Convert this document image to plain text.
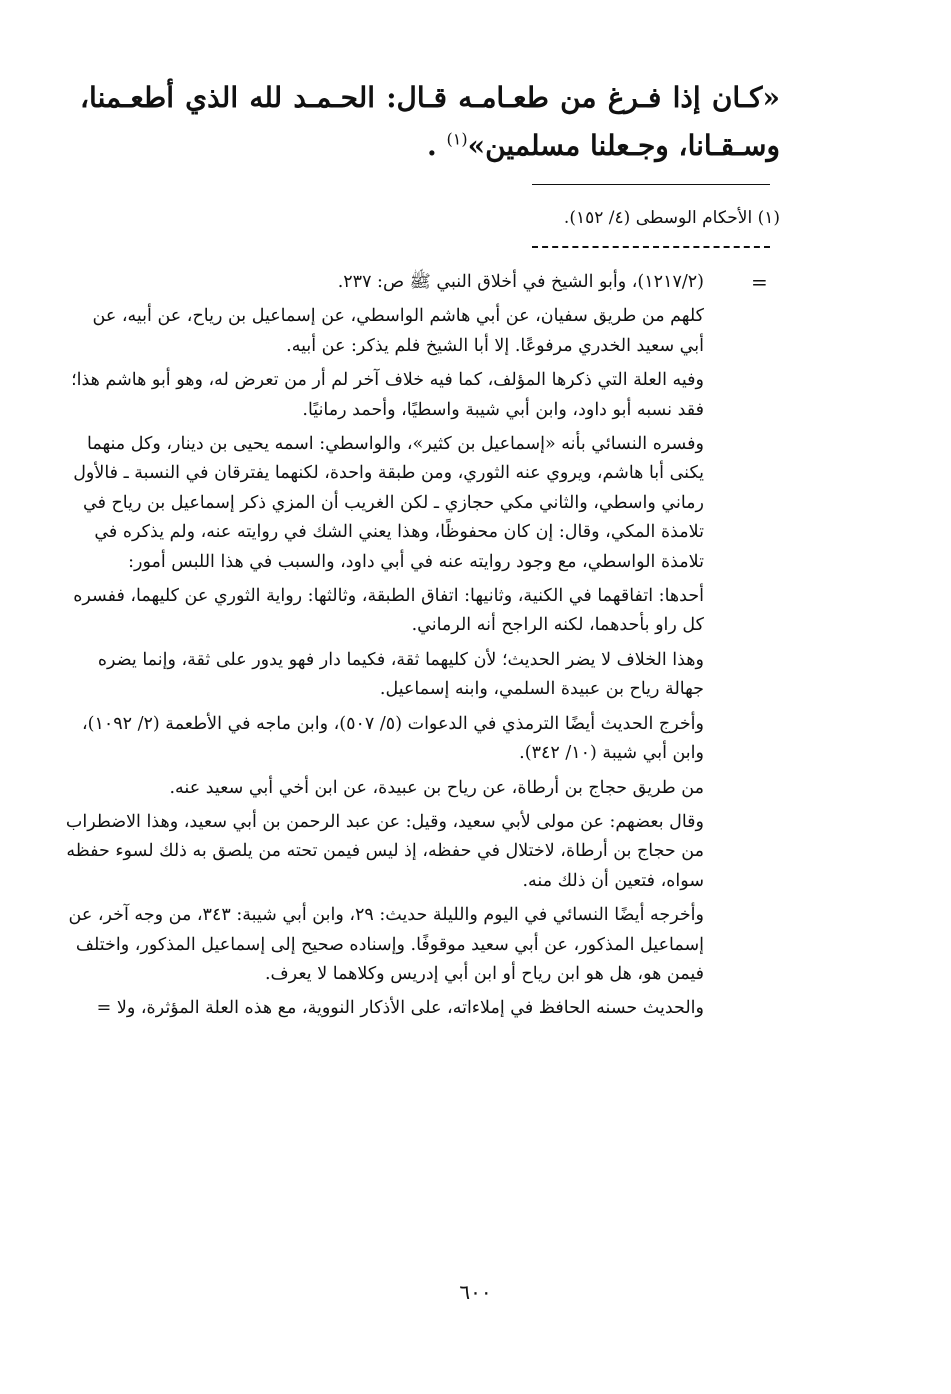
«كـان إذا فـرغ من طعـامـه قـال: الحـمـد لله الذي أطعـمنا، وسـقـانا، وجـعلنا مسلمين»$^{(١)}$ .
(١) الأحكام الوسطى (٤/ ١٥٢).
=

(١٢١٧/٢)، وأبو الشيخ في أخلاق النبي ﷺ ص: ٢٣٧.

كلهم من طريق سفيان، عن أبي هاشم الواسطي، عن إسماعيل بن رياح، عن أبيه، عن أبي سعيد الخدري مرفوعًا. إلا أبا الشيخ فلم يذكر: عن أبيه.

وفيه العلة التي ذكرها المؤلف، كما فيه خلاف آخر لم أر من تعرض له، وهو أبو هاشم هذا؛ فقد نسبه أبو داود، وابن أبي شيبة واسطيًا، وأحمد رمانيًا.

وفسره النسائي بأنه «إسماعيل بن كثير»، والواسطي: اسمه يحيى بن دينار، وكل منهما يكنى أبا هاشم، ويروي عنه الثوري، ومن طبقة واحدة، لكنهما يفترقان في النسبة ـ فالأول رماني واسطي، والثاني مكي حجازي ـ لكن الغريب أن المزي ذكر إسماعيل بن رياح في تلامذة المكي، وقال: إن كان محفوظًا، وهذا يعني الشك في روايته عنه، ولم يذكره في تلامذة الواسطي، مع وجود روايته عنه في أبي داود، والسبب في هذا اللبس أمور:

أحدها: اتفاقهما في الكنية، وثانيها: اتفاق الطبقة، وثالثها: رواية الثوري عن كليهما، ففسره كل راو بأحدهما، لكنه الراجح أنه الرماني.

وهذا الخلاف لا يضر الحديث؛ لأن كليهما ثقة، فكيما دار فهو يدور على ثقة، وإنما يضره جهالة رياح بن عبيدة السلمي، وابنه إسماعيل.

وأخرج الحديث أيضًا الترمذي في الدعوات (٥/ ٥٠٧)، وابن ماجه في الأطعمة (٢/ ١٠٩٢)، وابن أبي شيبة (١٠/ ٣٤٢).

من طريق حجاج بن أرطاة، عن رياح بن عبيدة، عن ابن أخي أبي سعيد عنه.

وقال بعضهم: عن مولى لأبي سعيد، وقيل: عن عبد الرحمن بن أبي سعيد، وهذا الاضطراب من حجاج بن أرطاة، لاختلال في حفظه، إذ ليس فيمن تحته من يلصق به ذلك لسوء حفظه سواه، فتعين أن ذلك منه.

وأخرجه أيضًا النسائي في اليوم والليلة حديث: ٢٩، وابن أبي شيبة: ٣٤٣، من وجه آخر، عن إسماعيل المذكور، عن أبي سعيد موقوفًا. وإسناده صحيح إلى إسماعيل المذكور، واختلف فيمن هو، هل هو ابن رياح أو ابن أبي إدريس وكلاهما لا يعرف.

والحديث حسنه الحافظ في إملاءاته، على الأذكار النووية، مع هذه العلة المؤثرة، ولا =

٦٠٠
